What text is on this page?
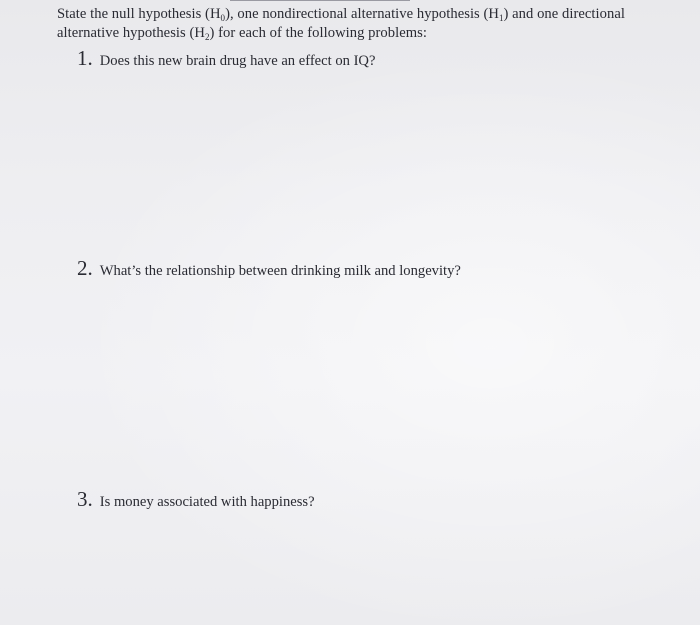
State the null hypothesis $(H_0)$, one nondirectional alternative hypothesis $(H_1)$ and one directional

alternative hypothesis $(H_2)$ for each of the following problems:

1. Does this new brain drug have an effect on IQ?
2. What’s the relationship between drinking milk and longevity?
3. Is money associated with happiness?
